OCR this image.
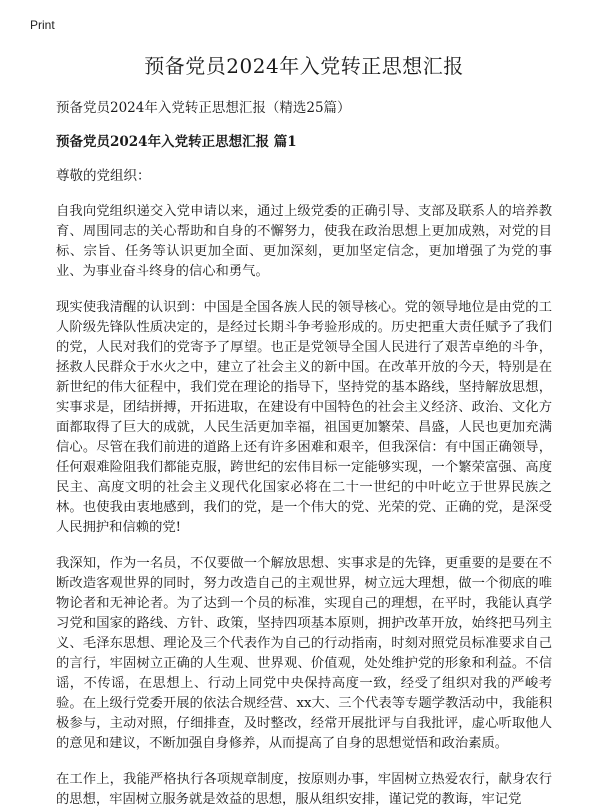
Print
预备党员2024年入党转正思想汇报

预备党员2024年入党转正思想汇报（精选25篇）

预备党员2024年入党转正思想汇报 篇1

尊敬的党组织：

自我向党组织递交入党申请以来，通过上级党委的正确引导、支部及联系人的培养教育、周围同志的关心帮助和自身的不懈努力，使我在政治思想上更加成熟，对党的目标、宗旨、任务等认识更加全面、更加深刻，更加坚定信念，更加增强了为党的事业、为事业奋斗终身的信心和勇气。

现实使我清醒的认识到：中国是全国各族人民的领导核心。党的领导地位是由党的工人阶级先锋队性质决定的，是经过长期斗争考验形成的。历史把重大责任赋予了我们的党，人民对我们的党寄予了厚望。也正是党领导全国人民进行了艰苦卓绝的斗争，拯救人民群众于水火之中，建立了社会主义的新中国。在改革开放的今天，特别是在新世纪的伟大征程中，我们党在理论的指导下，坚持党的基本路线，坚持解放思想，实事求是，团结拼搏，开拓进取，在建设有中国特色的社会主义经济、政治、文化方面都取得了巨大的成就，人民生活更加幸福，祖国更加繁荣、昌盛，人民也更加充满信心。尽管在我们前进的道路上还有许多困难和艰辛，但我深信：有中国正确领导，任何艰难险阻我们都能克服，跨世纪的宏伟目标一定能够实现，一个繁荣富强、高度民主、高度文明的社会主义现代化国家必将在二十一世纪的中叶屹立于世界民族之林。也使我由衷地感到，我们的党，是一个伟大的党、光荣的党、正确的党，是深受人民拥护和信赖的党!

我深知，作为一名员，不仅要做一个解放思想、实事求是的先锋，更重要的是要在不断改造客观世界的同时，努力改造自己的主观世界，树立远大理想，做一个彻底的唯物论者和无神论者。为了达到一个员的标准，实现自己的理想，在平时，我能认真学习党和国家的路线、方针、政策，坚持四项基本原则，拥护改革开放，始终把马列主义、毛泽东思想、理论及三个代表作为自己的行动指南，时刻对照党员标准要求自己的言行，牢固树立正确的人生观、世界观、价值观，处处维护党的形象和利益。不信谣，不传谣，在思想上、行动上同党中央保持高度一致，经受了组织对我的严峻考验。在上级行党委开展的依法合规经营、xx大、三个代表等专题学教活动中，我能积极参与，主动对照，仔细排查，及时整改，经常开展批评与自我批评，虚心听取他人的意见和建议，不断加强自身修养，从而提高了自身的思想觉悟和政治素质。

在工作上，我能严格执行各项规章制度，按原则办事，牢固树立热爱农行，献身农行的思想，牢固树立服务就是效益的思想，服从组织安排，谨记党的教诲，牢记党
